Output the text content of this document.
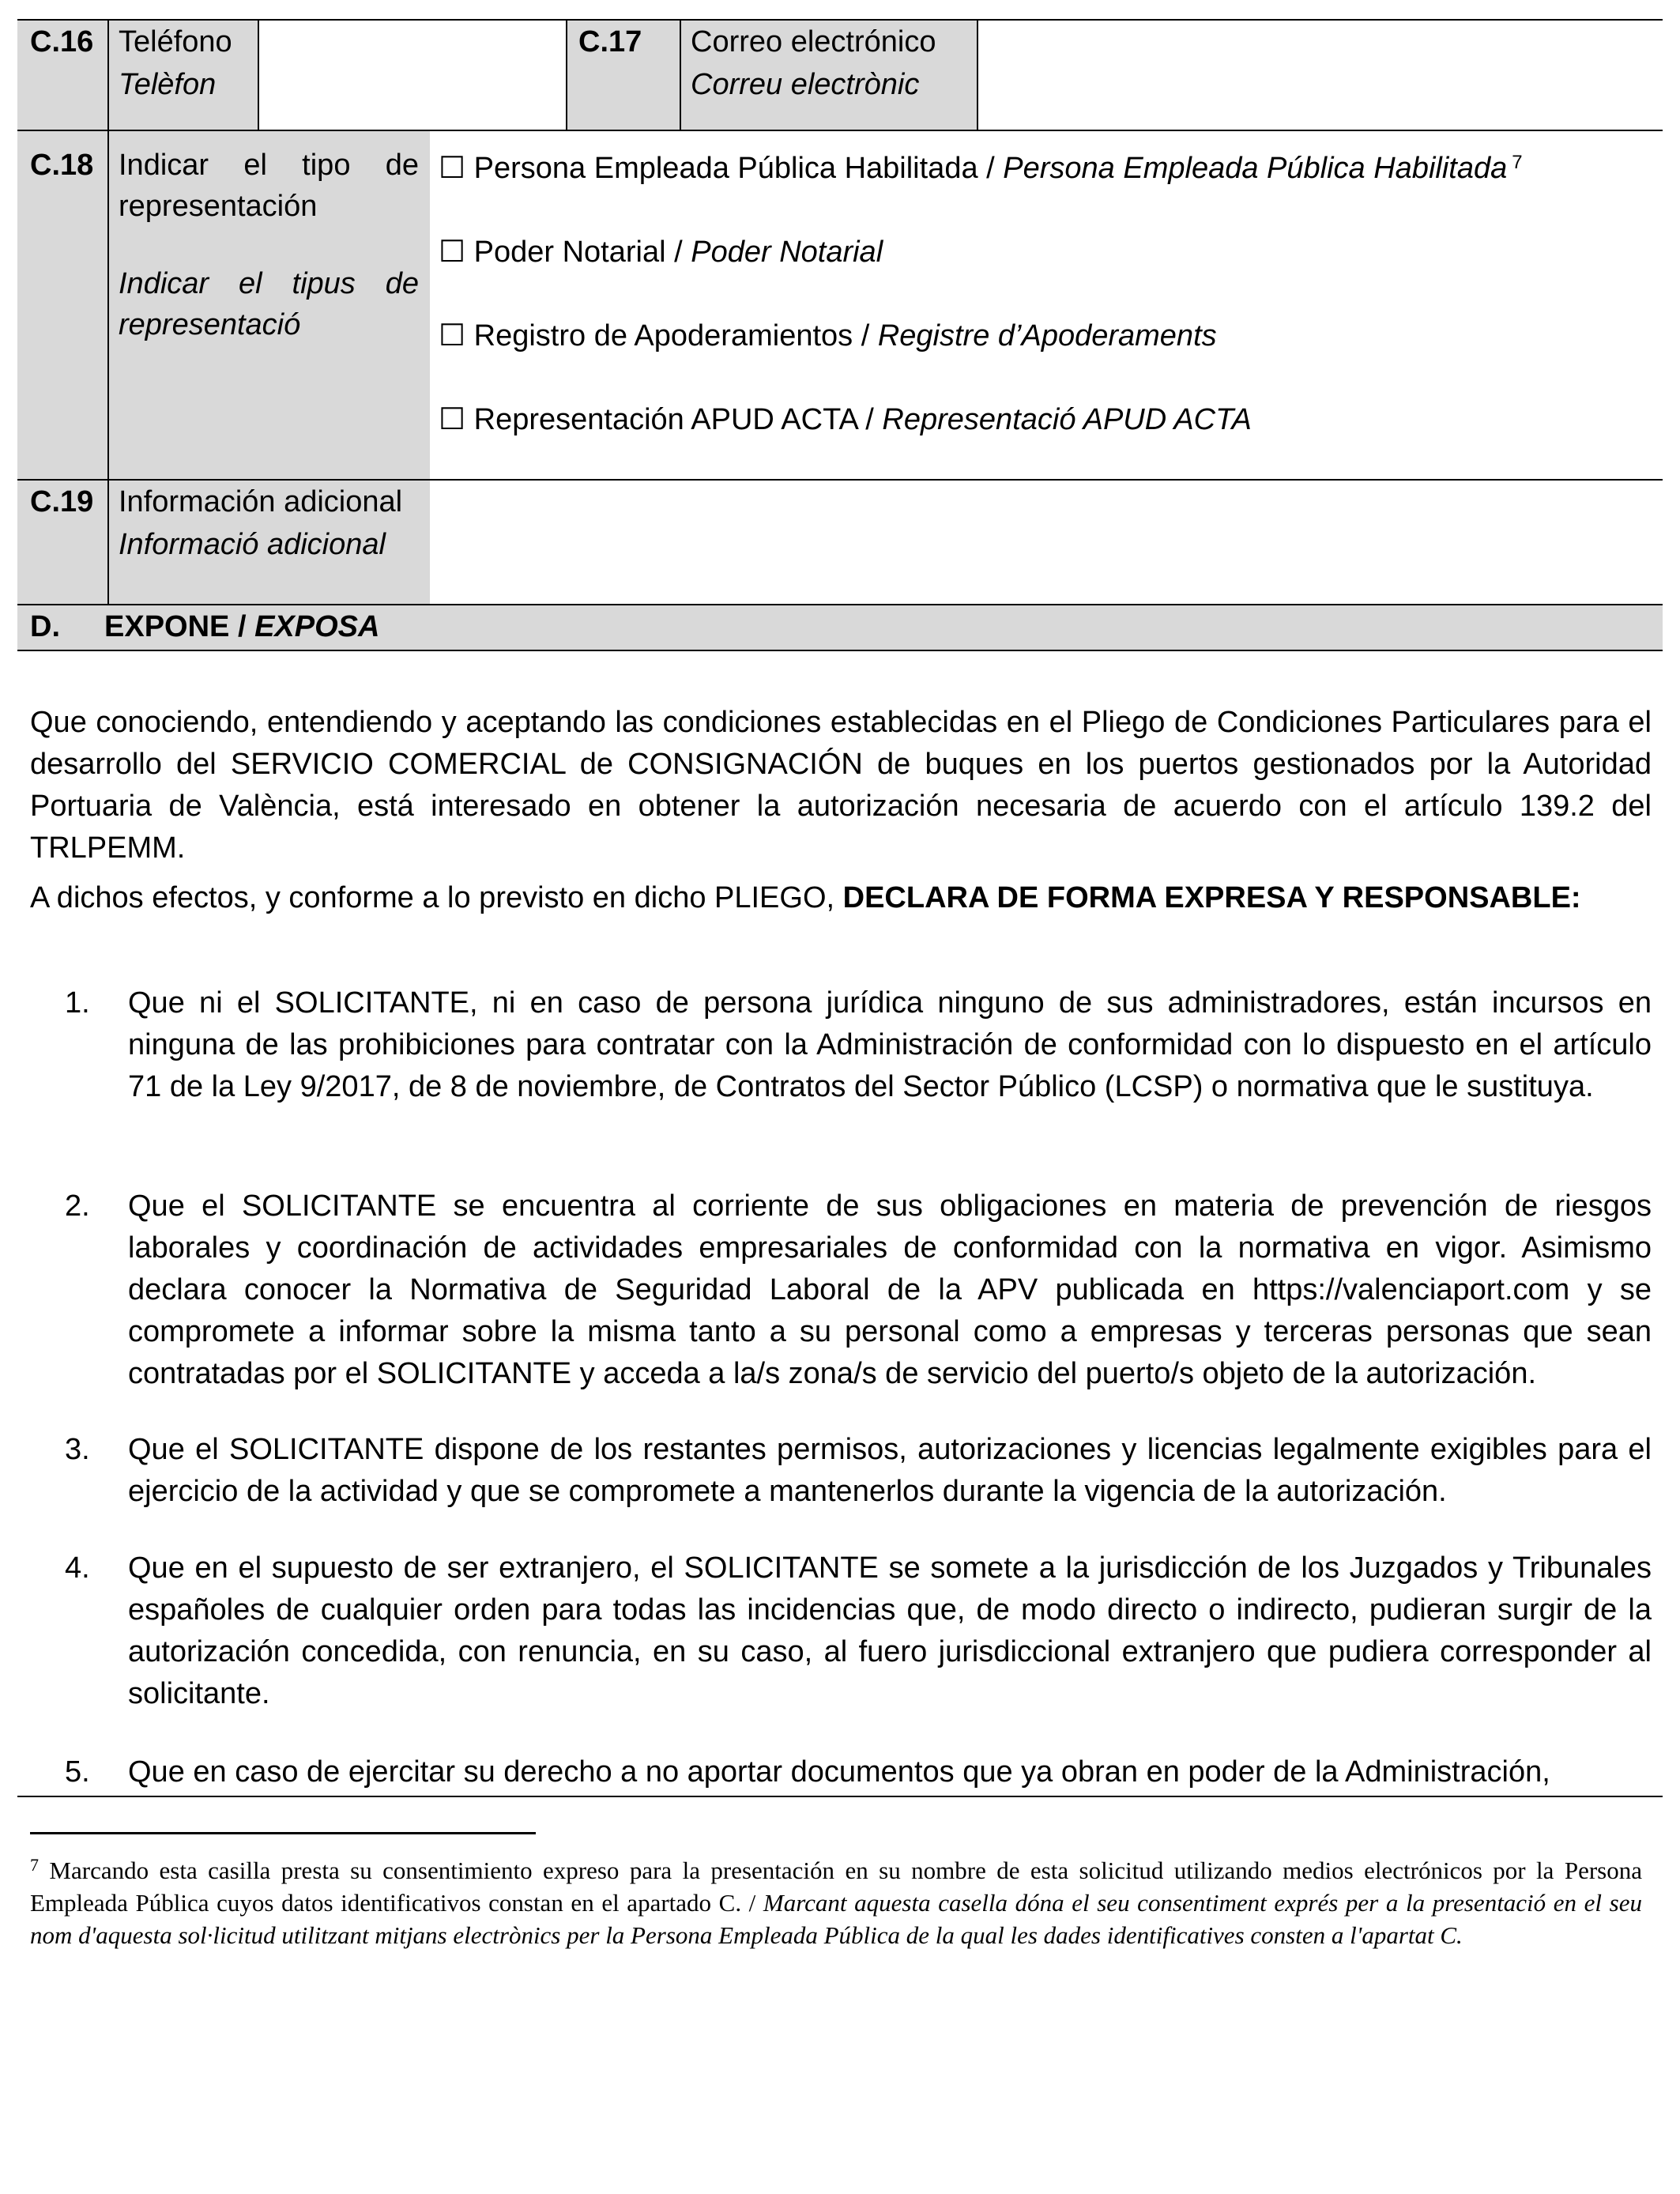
C.16 Teléfono
Telèfon
C.17 Correo electrónico
Correu electrònic
C.18 Indicar el tipo de
representación
Indicar el tipus de
representació
☐ Persona Empleada Pública Habilitada / Persona Empleada Pública Habilitada $^7$
☐ Poder Notarial / Poder Notarial
☐ Registro de Apoderamientos / Registre d’Apoderaments
☐ Representación APUD ACTA / Representació APUD ACTA
C.19 Información adicional
Informació adicional
D. EXPONE / EXPOSA
Que conociendo, entendiendo y aceptando las condiciones establecidas en el Pliego de Condiciones Particulares para el desarrollo del SERVICIO COMERCIAL de CONSIGNACIÓN de buques en los puertos gestionados por la Autoridad Portuaria de València, está interesado en obtener la autorización necesaria de acuerdo con el artículo 139.2 del TRLPEMM.
A dichos efectos, y conforme a lo previsto en dicho PLIEGO, DECLARA DE FORMA EXPRESA Y RESPONSABLE:
1. Que ni el SOLICITANTE, ni en caso de persona jurídica ninguno de sus administradores, están incursos en ninguna de las prohibiciones para contratar con la Administración de conformidad con lo dispuesto en el artículo 71 de la Ley 9/2017, de 8 de noviembre, de Contratos del Sector Público (LCSP) o normativa que le sustituya.
2. Que el SOLICITANTE se encuentra al corriente de sus obligaciones en materia de prevención de riesgos laborales y coordinación de actividades empresariales de conformidad con la normativa en vigor. Asimismo declara conocer la Normativa de Seguridad Laboral de la APV publicada en https://valenciaport.com y se compromete a informar sobre la misma tanto a su personal como a empresas y terceras personas que sean contratadas por el SOLICITANTE y acceda a la/s zona/s de servicio del puerto/s objeto de la autorización.
3. Que el SOLICITANTE dispone de los restantes permisos, autorizaciones y licencias legalmente exigibles para el ejercicio de la actividad y que se compromete a mantenerlos durante la vigencia de la autorización.
4. Que en el supuesto de ser extranjero, el SOLICITANTE se somete a la jurisdicción de los Juzgados y Tribunales españoles de cualquier orden para todas las incidencias que, de modo directo o indirecto, pudieran surgir de la autorización concedida, con renuncia, en su caso, al fuero jurisdiccional extranjero que pudiera corresponder al solicitante.
5. Que en caso de ejercitar su derecho a no aportar documentos que ya obran en poder de la Administración,
$^7$ Marcando esta casilla presta su consentimiento expreso para la presentación en su nombre de esta solicitud utilizando medios electrónicos por la Persona Empleada Pública cuyos datos identificativos constan en el apartado C. / Marcant aquesta casella dóna el seu consentiment exprés per a la presentació en el seu nom d'aquesta sol·licitud utilitzant mitjans electrònics per la Persona Empleada Pública de la qual les dades identificatives consten a l'apartat C.
